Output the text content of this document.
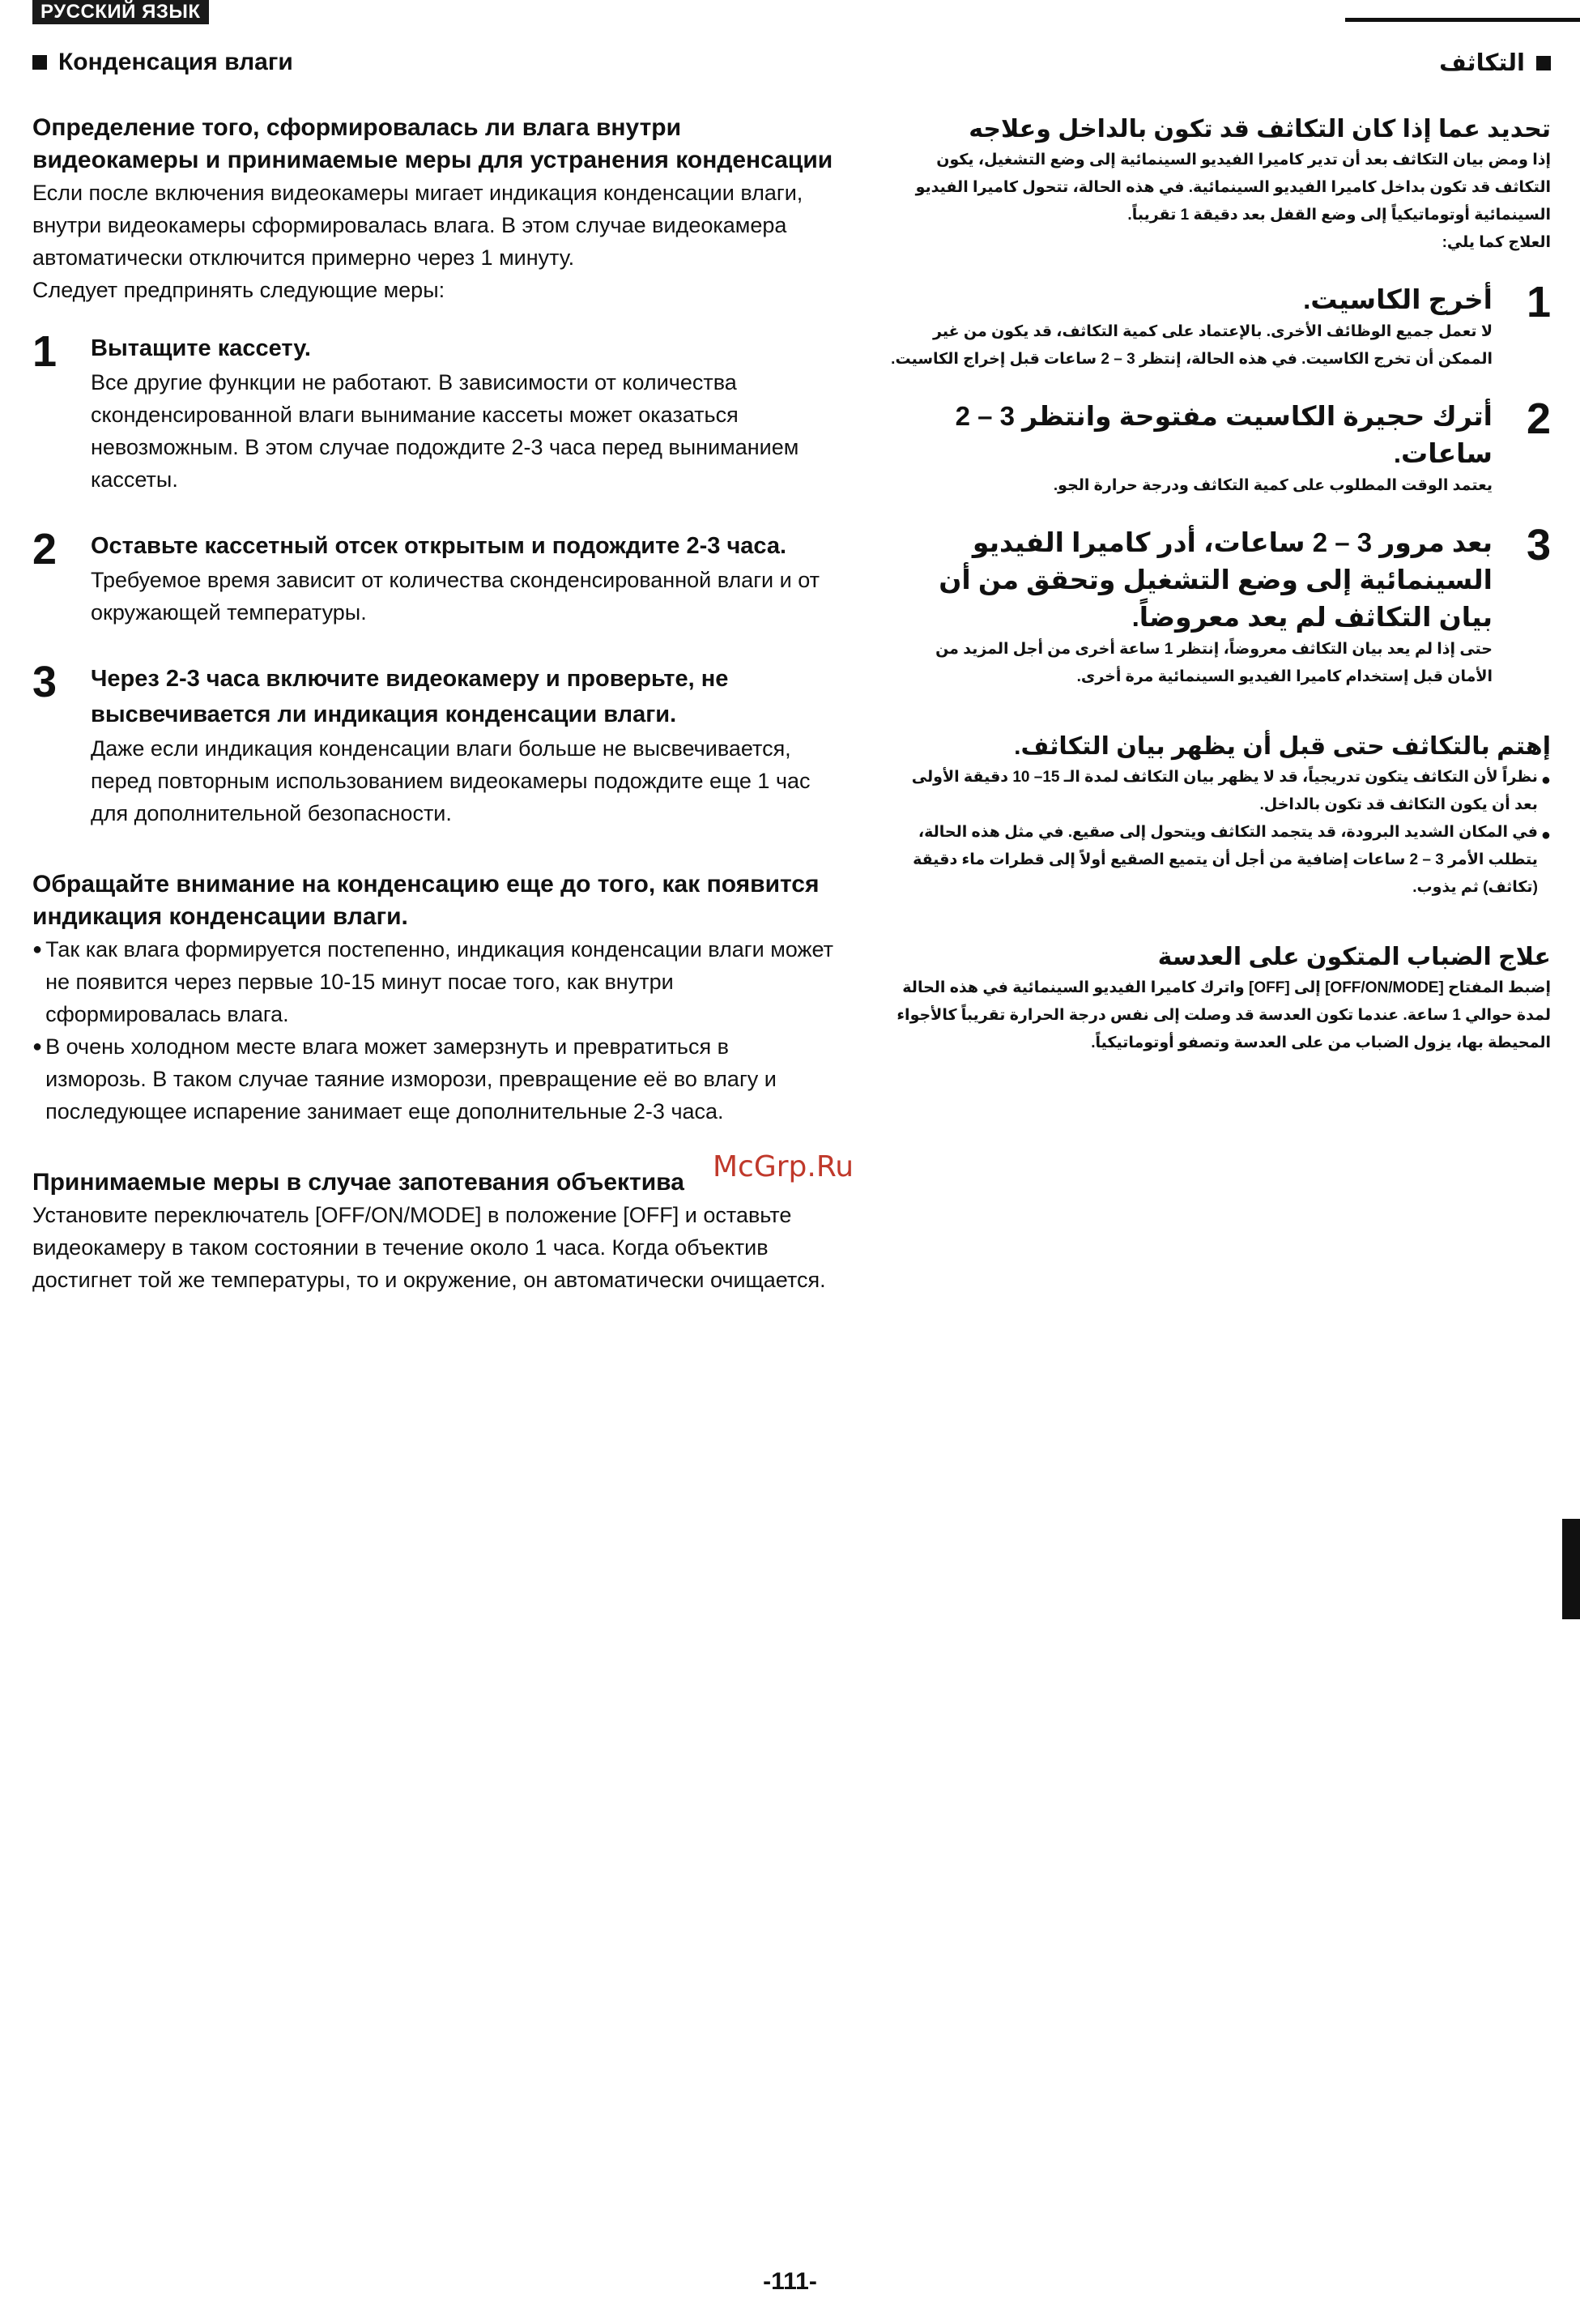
РУССКИЙ ЯЗЫК
Конденсация влаги

Определение того, сформировалась ли влага внутри видеокамеры и принимаемые меры для устранения конденсации

Если после включения видеокамеры мигает индикация конденсации влаги, внутри видеокамеры сформировалась влага. В этом случае видеокамера автоматически отключится примерно через 1 минуту.

Следует предпринять следующие меры:

1	Вытащите кассету.

Все другие функции не работают. В зависимости от количества сконденсированной влаги вынимание кассеты может оказаться невозможным. В этом случае подождите 2-3 часа перед выниманием кассеты.

2	Оставьте кассетный отсек открытым и подождите 2-3 часа.

Требуемое время зависит от количества сконденсированной влаги и от окружающей температуры.

3	Через 2-3 часа включите видеокамеру и проверьте, не высвечивается ли индикация конденсации влаги.

Даже если индикация конденсации влаги больше не высвечивается, перед повторным использованием видеокамеры подождите еще 1 час для дополнительной безопасности.

Обращайте внимание на конденсацию еще до того, как появится индикация конденсации влаги.

● Так как влага формируется постепенно, индикация конденсации влаги может не появится через первые 10-15 минут посае того, как внутри сформировалась влага.
● В очень холодном месте влага может замерзнуть и превратиться в изморозь. В таком случае таяние изморози, превращение её во влагу и последующее испарение занимает еще дополнительные 2-3 часа.

Принимаемые меры в случае запотевания объектива

Установите переключатель [OFF/ON/MODE] в положение [OFF] и оставьте видеокамеру в таком состоянии в течение около 1 часа. Когда объектив достигнет той же температуры, то и окружение, он автоматически очищается.

التكاثف

تحديد عما إذا كان التكاثف قد تكون بالداخل وعلاجه

إذا ومض بيان التكاثف بعد أن تدير كاميرا الفيديو السينمائية إلى وضع التشغيل، يكون التكاثف قد تكون بداخل كاميرا الفيديو السينمائية. في هذه الحالة، تتحول كاميرا الفيديو السينمائية أوتوماتيكياً إلى وضع القفل بعد دقيقة 1 تقريباً.

العلاج كما يلي:

1

أخرج الكاسيت.

لا تعمل جميع الوظائف الأخرى. بالإعتماد على كمية التكاثف، قد يكون من غير الممكن أن تخرج الكاسيت. في هذه الحالة، إنتظر 3 – 2 ساعات قبل إخراج الكاسيت.

2

أترك حجيرة الكاسيت مفتوحة وانتظر 3 – 2 ساعات.

يعتمد الوقت المطلوب على كمية التكاثف ودرجة حرارة الجو.

3

بعد مرور 3 – 2 ساعات، أدر كاميرا الفيديو السينمائية إلى وضع التشغيل وتحقق من أن بيان التكاثف لم يعد معروضاً.

حتى إذا لم يعد بيان التكاثف معروضاً، إنتظر 1 ساعة أخرى من أجل المزيد من الأمان قبل إستخدام كاميرا الفيديو السينمائية مرة أخرى.

إهتم بالتكاثف حتى قبل أن يظهر بيان التكاثف.

●
نظراً لأن التكاثف يتكون تدريجياً، قد لا يظهر بيان التكاثف لمدة الـ 15– 10 دقيقة الأولى بعد أن يكون التكاثف قد تكون بالداخل.
●
في المكان الشديد البرودة، قد يتجمد التكاثف ويتحول إلى صقيع. في مثل هذه الحالة، يتطلب الأمر 3 – 2 ساعات إضافية من أجل أن يتميع الصقيع أولاً إلى قطرات ماء دقيقة (تكاثف) ثم يذوب.

علاج الضباب المتكون على العدسة

إضبط المفتاح [OFF/ON/MODE] إلى [OFF] واترك كاميرا الفيديو السينمائية في هذه الحالة لمدة حوالي 1 ساعة. عندما تكون العدسة قد وصلت إلى نفس درجة الحرارة تقريباً كالأجواء المحيطة بها، يزول الضباب من على العدسة وتصفو أوتوماتيكياً.

McGrp.Ru
-111-
